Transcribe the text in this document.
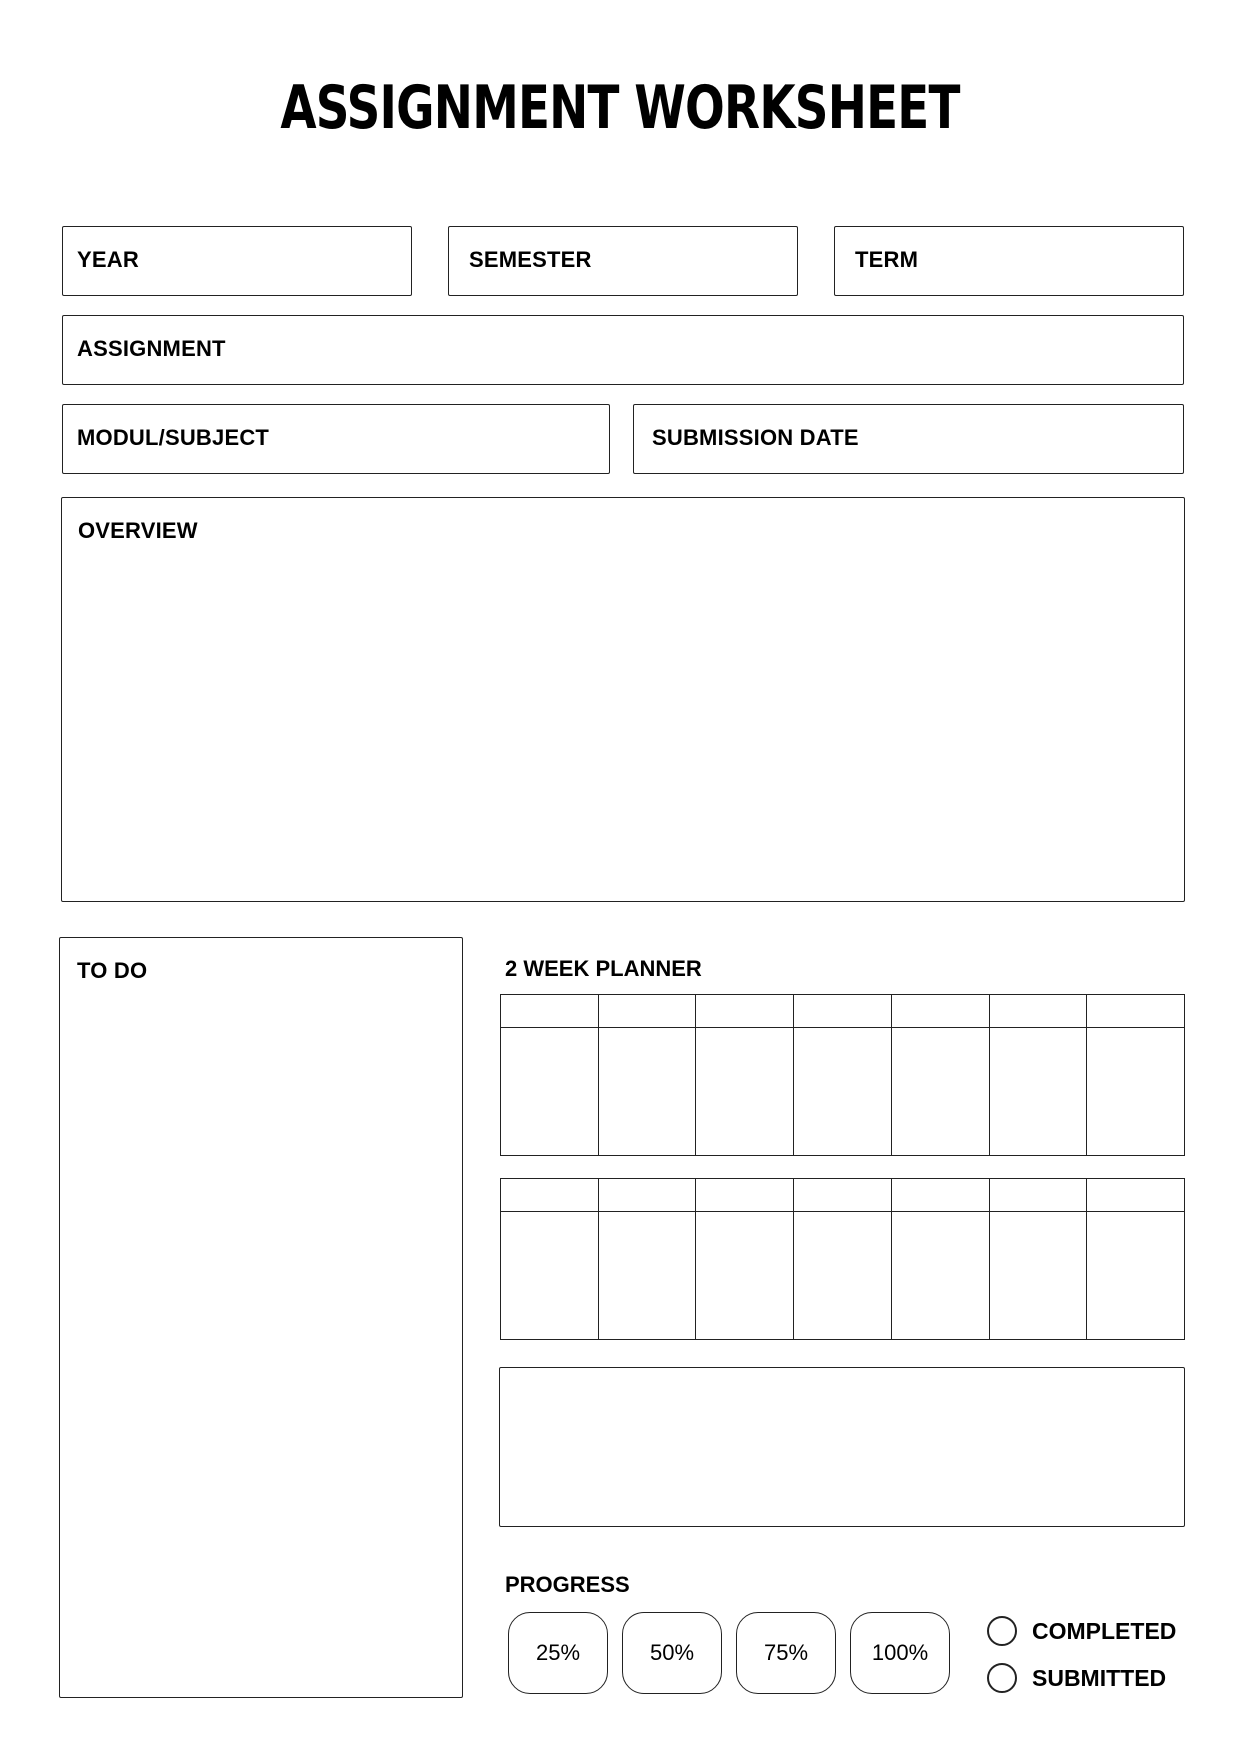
ASSIGNMENT WORKSHEET
YEAR	SEMESTER	TERM
ASSIGNMENT
MODUL/SUBJECT	SUBMISSION DATE
OVERVIEW
TO DO	2 WEEK PLANNER

PROGRESS
25%	50%	75%	100%
COMPLETED
SUBMITTED
